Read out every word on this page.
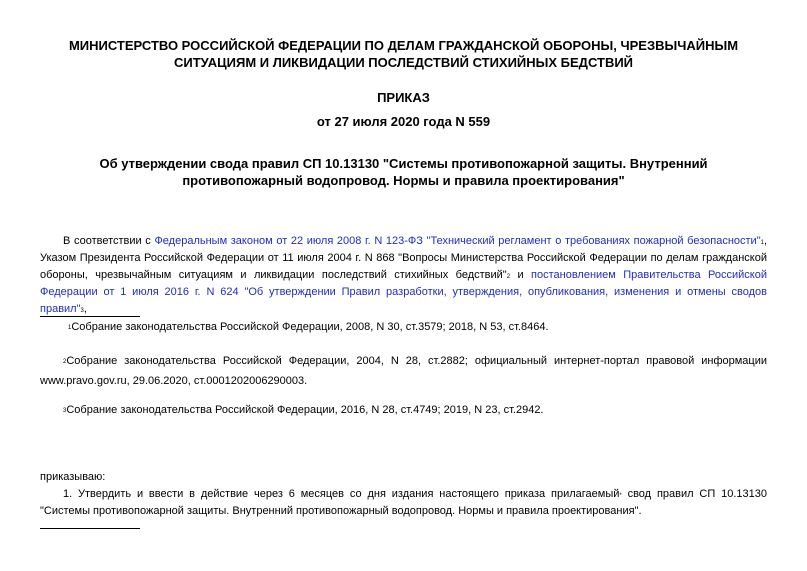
МИНИСТЕРСТВО РОССИЙСКОЙ ФЕДЕРАЦИИ ПО ДЕЛАМ ГРАЖДАНСКОЙ ОБОРОНЫ, ЧРЕЗВЫЧАЙНЫМ СИТУАЦИЯМ И ЛИКВИДАЦИИ ПОСЛЕДСТВИЙ СТИХИЙНЫХ БЕДСТВИЙ
ПРИКАЗ
от 27 июля 2020 года N 559
Об утверждении свода правил СП 10.13130 "Системы противопожарной защиты. Внутренний противопожарный водопровод. Нормы и правила проектирования"

В соответствии с Федеральным законом от 22 июля 2008 г. N 123-ФЗ "Технический регламент о требованиях пожарной безопасности"$^1$, Указом Президента Российской Федерации от 11 июля 2004 г. N 868 "Вопросы Министерства Российской Федерации по делам гражданской обороны, чрезвычайным ситуациям и ликвидации последствий стихийных бедствий"$^2$ и постановлением Правительства Российской Федерации от 1 июля 2016 г. N 624 "Об утверждении Правил разработки, утверждения, опубликования, изменения и отмены сводов правил"$^3$,

$^1$Собрание законодательства Российской Федерации, 2008, N 30, ст.3579; 2018, N 53, ст.8464.
$^2$Собрание законодательства Российской Федерации, 2004, N 28, ст.2882; официальный интернет-портал правовой информации www.pravo.gov.ru, 29.06.2020, ст.0001202006290003.
$^3$Собрание законодательства Российской Федерации, 2016, N 28, ст.4749; 2019, N 23, ст.2942.

приказываю:

1. Утвердить и ввести в действие через 6 месяцев со дня издания настоящего приказа прилагаемый* свод правил СП 10.13130 "Системы противопожарной защиты. Внутренний противопожарный водопровод. Нормы и правила проектирования".
